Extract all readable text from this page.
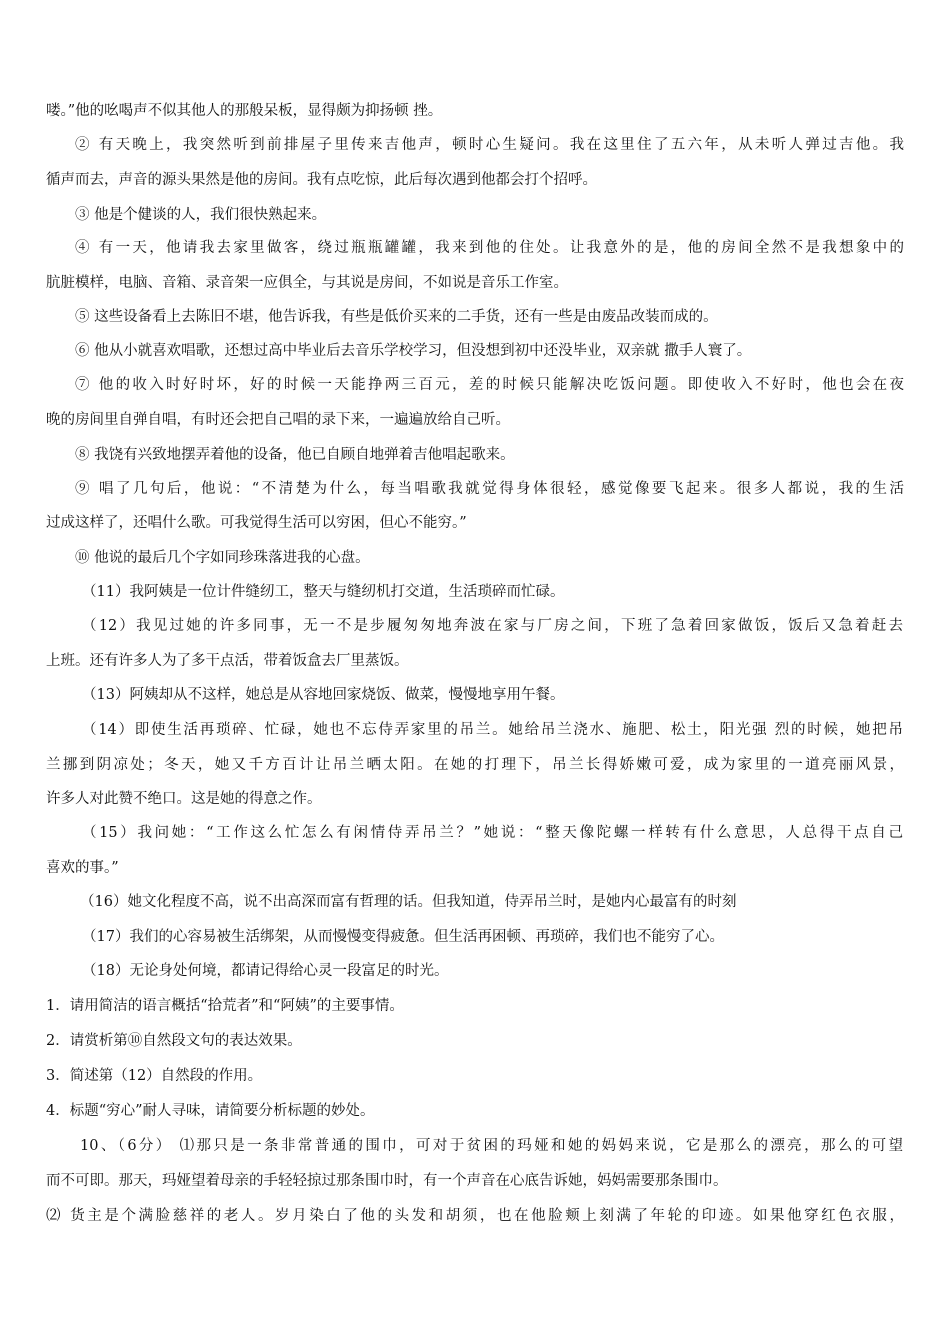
喽。”他的吆喝声不似其他人的那般呆板，显得颇为抑扬顿 挫。
② 有天晚上，我突然听到前排屋子里传来吉他声，顿时心生疑问。我在这里住了五六年，从未听人弹过吉他。我
循声而去，声音的源头果然是他的房间。我有点吃惊，此后每次遇到他都会打个招呼。
③ 他是个健谈的人，我们很快熟起来。
④ 有一天，他请我去家里做客，绕过瓶瓶罐罐，我来到他的住处。让我意外的是，他的房间全然不是我想象中的
肮脏模样，电脑、音箱、录音架一应俱全，与其说是房间，不如说是音乐工作室。
⑤ 这些设备看上去陈旧不堪，他告诉我，有些是低价买来的二手货，还有一些是由废品改装而成的。
⑥ 他从小就喜欢唱歌，还想过高中毕业后去音乐学校学习，但没想到初中还没毕业，双亲就 撒手人寰了。
⑦ 他的收入时好时坏，好的时候一天能挣两三百元，差的时候只能解决吃饭问题。即使收入不好时，他也会在夜
晚的房间里自弹自唱，有时还会把自己唱的录下来，一遍遍放给自己听。
⑧ 我饶有兴致地摆弄着他的设备，他已自顾自地弹着吉他唱起歌来。
⑨ 唱了几句后，他说：“不清楚为什么，每当唱歌我就觉得身体很轻，感觉像要飞起来。很多人都说，我的生活
过成这样了，还唱什么歌。可我觉得生活可以穷困，但心不能穷。”
⑩ 他说的最后几个字如同珍珠落进我的心盘。
（11）我阿姨是一位计件缝纫工，整天与缝纫机打交道，生活琐碎而忙碌。
（12）我见过她的许多同事，无一不是步履匆匆地奔波在家与厂房之间，下班了急着回家做饭，饭后又急着赶去
上班。还有许多人为了多干点活，带着饭盒去厂里蒸饭。
（13）阿姨却从不这样，她总是从容地回家烧饭、做菜，慢慢地享用午餐。
（14）即使生活再琐碎、忙碌，她也不忘侍弄家里的吊兰。她给吊兰浇水、施肥、松土，阳光强 烈的时候，她把吊
兰挪到阴凉处；冬天，她又千方百计让吊兰晒太阳。在她的打理下，吊兰长得娇嫩可爱，成为家里的一道亮丽风景，
许多人对此赞不绝口。这是她的得意之作。
（15）我问她：“工作这么忙怎么有闲情侍弄吊兰？”她说：“整天像陀螺一样转有什么意思，人总得干点自己
喜欢的事。”
（16）她文化程度不高，说不出高深而富有哲理的话。但我知道，侍弄吊兰时，是她内心最富有的时刻
（17）我们的心容易被生活绑架，从而慢慢变得疲惫。但生活再困顿、再琐碎，我们也不能穷了心。
（18）无论身处何境，都请记得给心灵一段富足的时光。
1．请用简洁的语言概括“拾荒者”和“阿姨”的主要事情。
2．请赏析第⑩自然段文句的表达效果。
3．简述第（12）自然段的作用。
4．标题“穷心”耐人寻味，请简要分析标题的妙处。
10、（6分） ⑴那只是一条非常普通的围巾，可对于贫困的玛娅和她的妈妈来说，它是那么的漂亮，那么的可望
而不可即。那天，玛娅望着母亲的手轻轻掠过那条围巾时，有一个声音在心底告诉她，妈妈需要那条围巾。
⑵ 货主是个满脸慈祥的老人。岁月染白了他的头发和胡须，也在他脸颊上刻满了年轮的印迹。如果他穿红色衣服，
